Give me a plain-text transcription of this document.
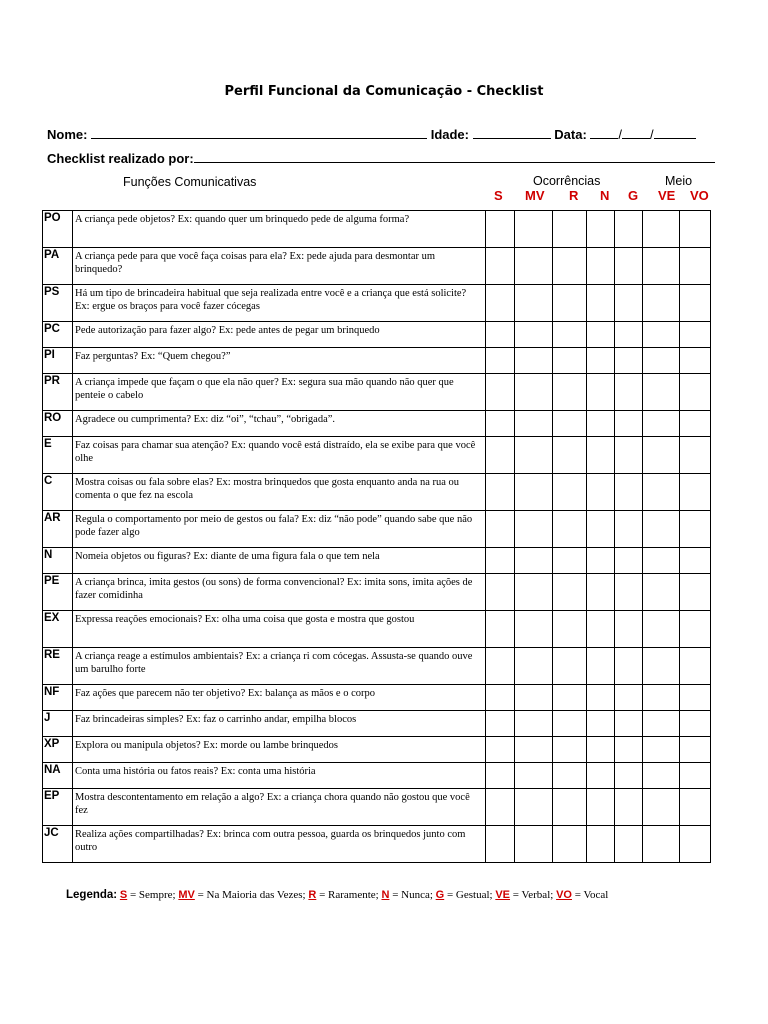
Perfil Funcional da Comunicação - Checklist
Nome:	Idade:	Data: / /
Checklist realizado por:
Funções Comunicativas	Ocorrências	Meio
S MV R N G VE VO
PO	A criança pede objetos? Ex: quando quer um brinquedo pede de alguma forma?							
PA	A criança pede para que você faça coisas para ela? Ex: pede ajuda para desmontar um brinquedo?							
PS	Há um tipo de brincadeira habitual que seja realizada entre você e a criança que está solicite? Ex: ergue os braços para você fazer cócegas							
PC	Pede autorização para fazer algo? Ex: pede antes de pegar um brinquedo							
PI	Faz perguntas? Ex: “Quem chegou?”							
PR	A criança impede que façam o que ela não quer? Ex: segura sua mão quando não quer que penteie o cabelo							
RO	Agradece ou cumprimenta? Ex: diz “oi”, “tchau”, “obrigada”.							
E	Faz coisas para chamar sua atenção? Ex: quando você está distraído, ela se exibe para que você olhe							
C	Mostra coisas ou fala sobre elas? Ex: mostra brinquedos que gosta enquanto anda na rua ou comenta o que fez na escola							
AR	Regula o comportamento por meio de gestos ou fala? Ex: diz “não pode” quando sabe que não pode fazer algo							
N	Nomeia objetos ou figuras? Ex: diante de uma figura fala o que tem nela							
PE	A criança brinca, imita gestos (ou sons) de forma convencional? Ex: imita sons, imita ações de fazer comidinha							
EX	Expressa reações emocionais? Ex: olha uma coisa que gosta e mostra que gostou							
RE	A criança reage a estímulos ambientais? Ex: a criança ri com cócegas. Assusta-se quando ouve um barulho forte							
NF	Faz ações que parecem não ter objetivo? Ex: balança as mãos e o corpo							
J	Faz brincadeiras simples? Ex: faz o carrinho andar, empilha blocos							
XP	Explora ou manipula objetos? Ex: morde ou lambe brinquedos							
NA	Conta uma história ou fatos reais? Ex: conta uma história							
EP	Mostra descontentamento em relação a algo? Ex: a criança chora quando não gostou que você fez							
JC	Realiza ações compartilhadas? Ex: brinca com outra pessoa, guarda os brinquedos junto com outro							
Legenda: S = Sempre; MV = Na Maioria das Vezes; R = Raramente; N = Nunca; G = Gestual; VE = Verbal; VO = Vocal
